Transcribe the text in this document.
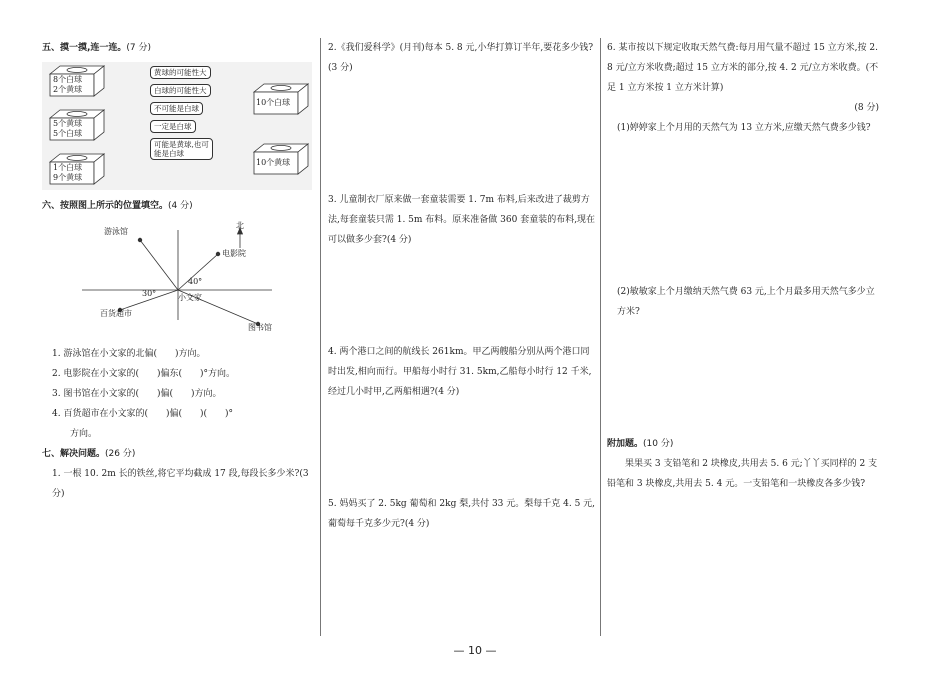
五、摸一摸,连一连。(7 分)

8个白球
2个黄球
5个黄球
5个白球
1个白球
9个黄球
10个白球
10个黄球
黄球的可能性大
白球的可能性大
不可能是白球
一定是白球
可能是黄球,也可
能是白球

六、按照图上所示的位置填空。(4 分)

北
游泳馆
电影院
40°
30°	小文家
百货超市
图书馆

1. 游泳馆在小文家的北偏(　　)方向。

2. 电影院在小文家的(　　)偏东(　　)°方向。

3. 图书馆在小文家的(　　)偏(　　)方向。

4. 百货超市在小文家的(　　)偏(　　)(　　)°

方向。

七、解决问题。(26 分)

1. 一根 10. 2m 长的铁丝,将它平均截成 17 段,每段长多少米?(3 分)

2.《我们爱科学》(月刊)每本 5. 8 元,小华打算订半年,要花多少钱?(3 分)

3. 儿童制衣厂原来做一套童装需要 1. 7m 布料,后来改进了裁剪方法,每套童装只需 1. 5m 布料。原来准备做 360 套童装的布料,现在可以做多少套?(4 分)

4. 两个港口之间的航线长 261km。甲乙两艘船分别从两个港口同时出发,相向而行。甲船每小时行 31. 5km,乙船每小时行 12 千米,经过几小时甲,乙两船相遇?(4 分)

5. 妈妈买了 2. 5kg 葡萄和 2kg 梨,共付 33 元。梨每千克 4. 5 元,葡萄每千克多少元?(4 分)

6. 某市按以下规定收取天然气费:每月用气量不超过 15 立方米,按 2. 8 元/立方米收费;超过 15 立方米的部分,按 4. 2 元/立方米收费。(不足 1 立方米按 1 立方米计算)

(8 分)

(1)婷婷家上个月用的天然气为 13 立方米,应缴天然气费多少钱?

(2)敏敏家上个月缴纳天然气费 63 元,上个月最多用天然气多少立方米?

附加题。(10 分)

果果买 3 支铅笔和 2 块橡皮,共用去 5. 6 元;丫丫买同样的 2 支铅笔和 3 块橡皮,共用去 5. 4 元。一支铅笔和一块橡皮各多少钱?

— 10 —
